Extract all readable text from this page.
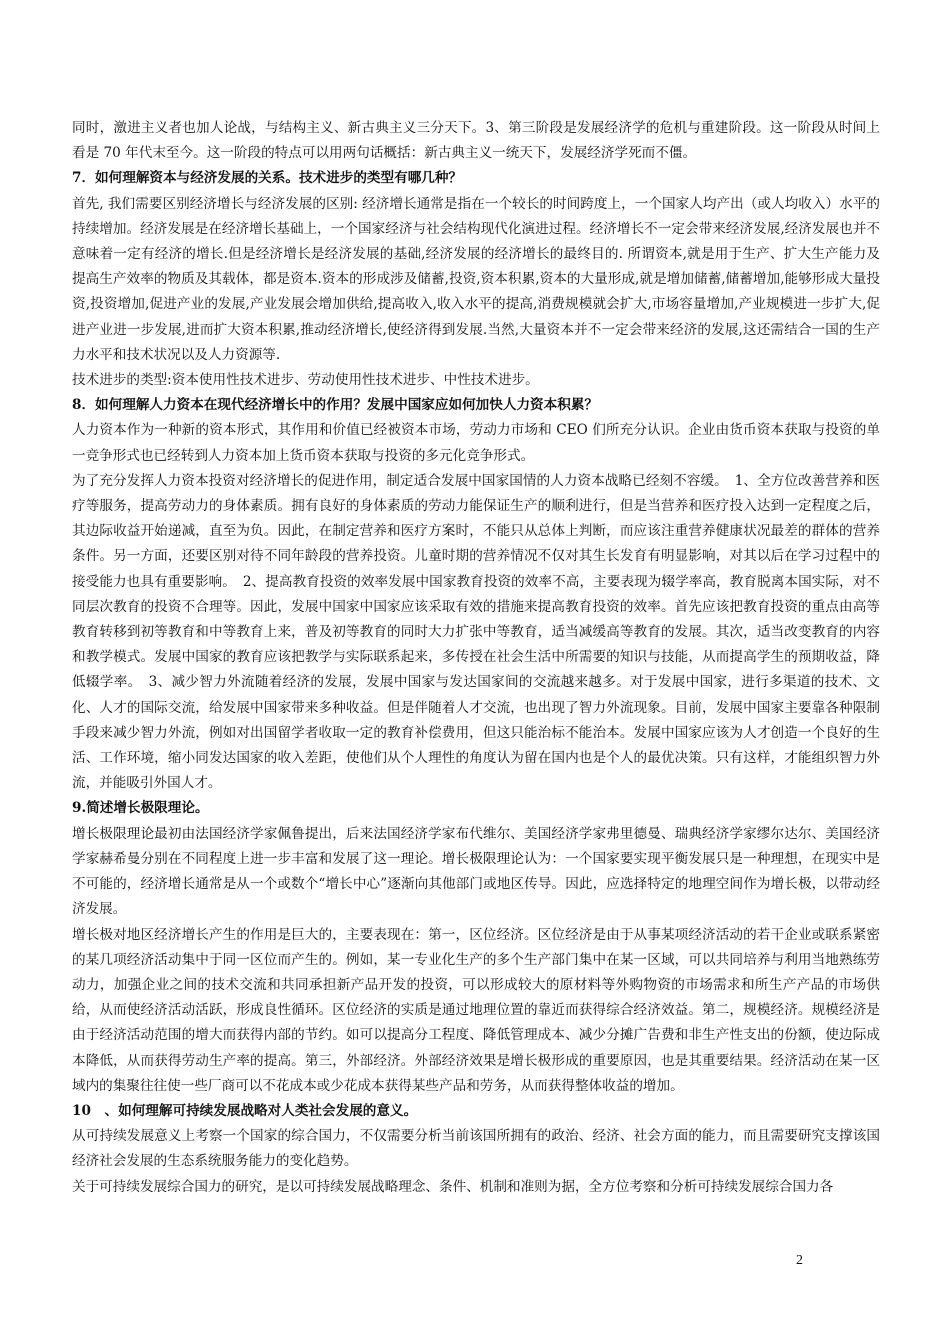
同时，激进主义者也加人论战，与结构主义、新古典主义三分天下。3、第三阶段是发展经济学的危机与重建阶段。这一阶段从时间上看是 70 年代末至今。这一阶段的特点可以用两句话概括：新古典主义一统天下，发展经济学死而不僵。

7．如何理解资本与经济发展的关系。技术进步的类型有哪几种？

首先, 我们需要区别经济增长与经济发展的区别: 经济增长通常是指在一个较长的时间跨度上，一个国家人均产出（或人均收入）水平的持续增加。经济发展是在经济增长基础上，一个国家经济与社会结构现代化演进过程。经济增长不一定会带来经济发展,经济发展也并不意味着一定有经济的增长.但是经济增长是经济发展的基础,经济发展的经济增长的最终目的. 所谓资本,就是用于生产、扩大生产能力及提高生产效率的物质及其载体，都是资本.资本的形成涉及储蓄,投资,资本积累,资本的大量形成,就是增加储蓄,储蓄增加,能够形成大量投资,投资增加,促进产业的发展,产业发展会增加供给,提高收入,收入水平的提高,消费规模就会扩大,市场容量增加,产业规模进一步扩大,促进产业进一步发展,进而扩大资本积累,推动经济增长,使经济得到发展.当然,大量资本并不一定会带来经济的发展,这还需结合一国的生产力水平和技术状况以及人力资源等.

技术进步的类型:资本使用性技术进步、劳动使用性技术进步、中性技术进步。

8．如何理解人力资本在现代经济增长中的作用？发展中国家应如何加快人力资本积累？

人力资本作为一种新的资本形式，其作用和价值已经被资本市场，劳动力市场和 CEO 们所充分认识。企业由货币资本获取与投资的单一竞争形式也已经转到人力资本加上货币资本获取与投资的多元化竞争形式。

为了充分发挥人力资本投资对经济增长的促进作用，制定适合发展中国家国情的人力资本战略已经刻不容缓。　1、全方位改善营养和医疗等服务，提高劳动力的身体素质。拥有良好的身体素质的劳动力能保证生产的顺利进行，但是当营养和医疗投入达到一定程度之后，其边际收益开始递减，直至为负。因此，在制定营养和医疗方案时，不能只从总体上判断，而应该注重营养健康状况最差的群体的营养条件。另一方面，还要区别对待不同年龄段的营养投资。儿童时期的营养情况不仅对其生长发育有明显影响，对其以后在学习过程中的接受能力也具有重要影响。　2、提高教育投资的效率发展中国家教育投资的效率不高，主要表现为辍学率高，教育脱离本国实际，对不同层次教育的投资不合理等。因此，发展中国家中国家应该采取有效的措施来提高教育投资的效率。首先应该把教育投资的重点由高等教育转移到初等教育和中等教育上来，普及初等教育的同时大力扩张中等教育，适当减缓高等教育的发展。其次，适当改变教育的内容和教学模式。发展中国家的教育应该把教学与实际联系起来，多传授在社会生活中所需要的知识与技能，从而提高学生的预期收益，降低辍学率。　3、减少智力外流随着经济的发展，发展中国家与发达国家间的交流越来越多。对于发展中国家，进行多渠道的技术、文化、人才的国际交流，给发展中国家带来多种收益。但是伴随着人才交流，也出现了智力外流现象。目前，发展中国家主要靠各种限制手段来减少智力外流，例如对出国留学者收取一定的教育补偿费用，但这只能治标不能治本。发展中国家应该为人才创造一个良好的生活、工作环境，缩小同发达国家的收入差距，使他们从个人理性的角度认为留在国内也是个人的最优决策。只有这样，才能组织智力外流，并能吸引外国人才。

9.简述增长极限理论。

增长极限理论最初由法国经济学家佩鲁提出，后来法国经济学家布代维尔、美国经济学家弗里德曼、瑞典经济学家缪尔达尔、美国经济学家赫希曼分别在不同程度上进一步丰富和发展了这一理论。增长极限理论认为：一个国家要实现平衡发展只是一种理想，在现实中是不可能的，经济增长通常是从一个或数个“增长中心”逐渐向其他部门或地区传导。因此，应选择特定的地理空间作为增长极，以带动经济发展。

增长极对地区经济增长产生的作用是巨大的，主要表现在：第一，区位经济。区位经济是由于从事某项经济活动的若干企业或联系紧密的某几项经济活动集中于同一区位而产生的。例如，某一专业化生产的多个生产部门集中在某一区域，可以共同培养与利用当地熟练劳动力，加强企业之间的技术交流和共同承担新产品开发的投资，可以形成较大的原材料等外购物资的市场需求和所生产产品的市场供给，从而使经济活动活跃，形成良性循环。区位经济的实质是通过地理位置的靠近而获得综合经济效益。第二，规模经济。规模经济是由于经济活动范围的增大而获得内部的节约。如可以提高分工程度、降低管理成本、减少分摊广告费和非生产性支出的份额，使边际成本降低，从而获得劳动生产率的提高。第三，外部经济。外部经济效果是增长极形成的重要原因，也是其重要结果。经济活动在某一区域内的集聚往往使一些厂商可以不花成本或少花成本获得某些产品和劳务，从而获得整体收益的增加。

10　、如何理解可持续发展战略对人类社会发展的意义。

从可持续发展意义上考察一个国家的综合国力，不仅需要分析当前该国所拥有的政治、经济、社会方面的能力，而且需要研究支撑该国经济社会发展的生态系统服务能力的变化趋势。

关于可持续发展综合国力的研究，是以可持续发展战略理念、条件、机制和准则为据，全方位考察和分析可持续发展综合国力各

2
